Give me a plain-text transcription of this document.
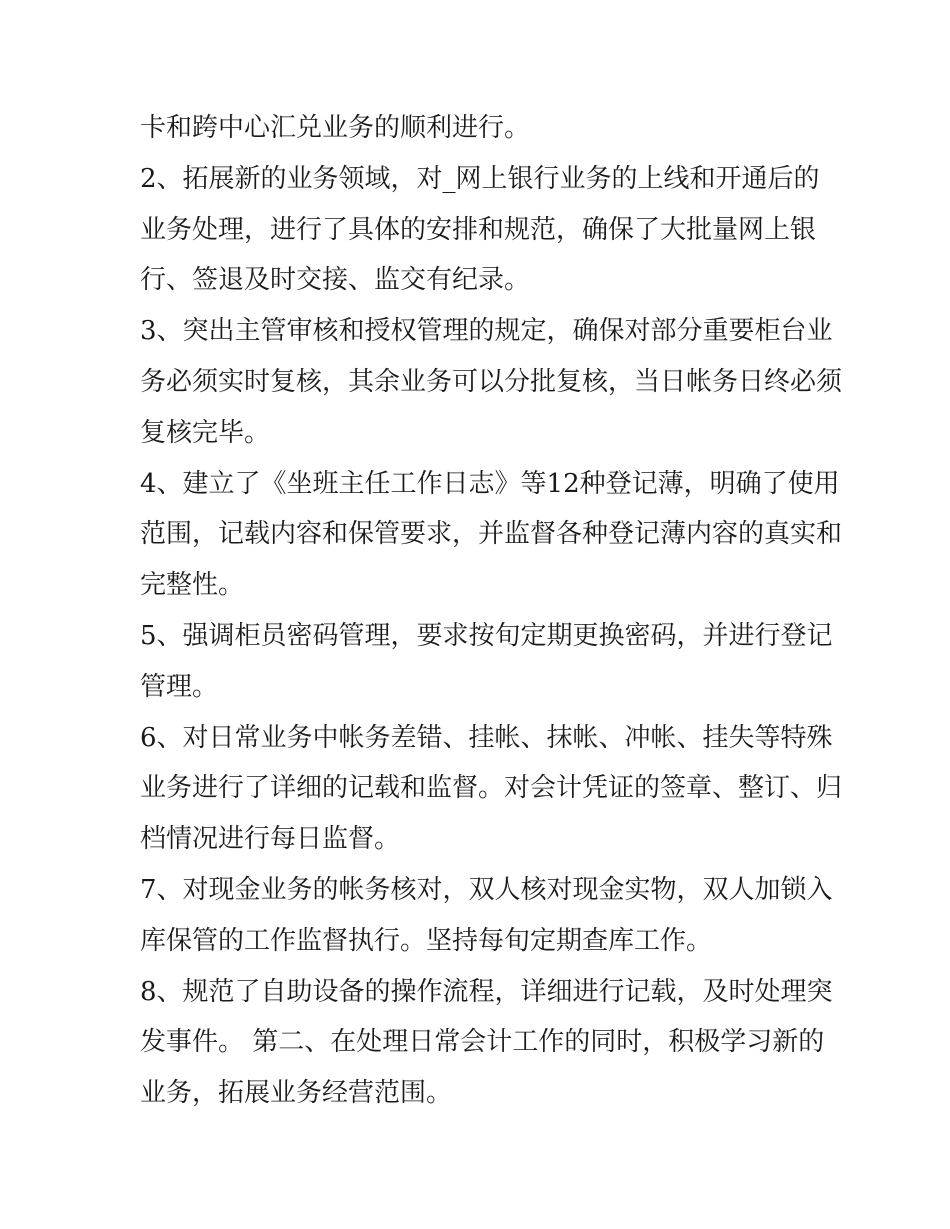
卡和跨中心汇兑业务的顺利进行。
2、拓展新的业务领域，对_网上银行业务的上线和开通后的
业务处理，进行了具体的安排和规范，确保了大批量网上银
行、签退及时交接、监交有纪录。
3、突出主管审核和授权管理的规定，确保对部分重要柜台业
务必须实时复核，其余业务可以分批复核，当日帐务日终必须
复核完毕。
4、建立了《坐班主任工作日志》等12种登记薄，明确了使用
范围，记载内容和保管要求，并监督各种登记薄内容的真实和
完整性。
5、强调柜员密码管理，要求按旬定期更换密码，并进行登记
管理。
6、对日常业务中帐务差错、挂帐、抹帐、冲帐、挂失等特殊
业务进行了详细的记载和监督。对会计凭证的签章、整订、归
档情况进行每日监督。
7、对现金业务的帐务核对，双人核对现金实物，双人加锁入
库保管的工作监督执行。坚持每旬定期查库工作。
8、规范了自助设备的操作流程，详细进行记载，及时处理突
发事件。 第二、在处理日常会计工作的同时，积极学习新的
业务，拓展业务经营范围。
